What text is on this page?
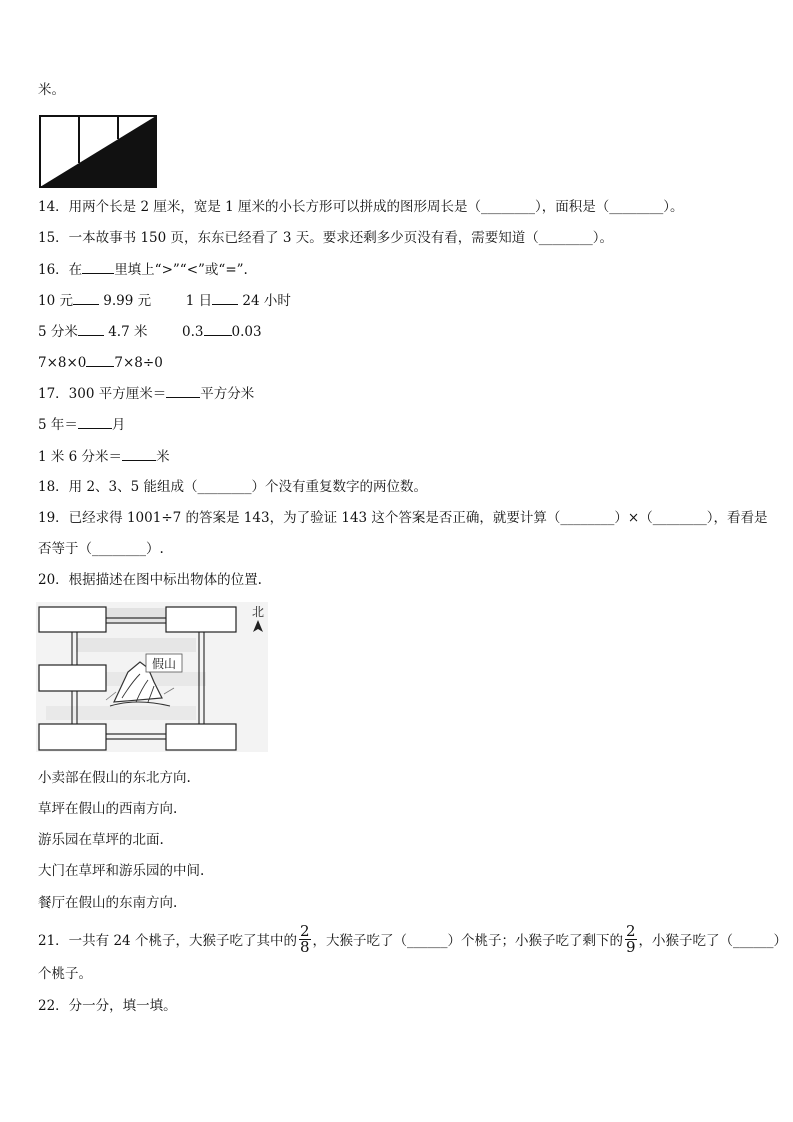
米。
14．用两个长是 2 厘米，宽是 1 厘米的小长方形可以拼成的图形周长是（________），面积是（________）。
15．一本故事书 150 页，东东已经看了 3 天。要求还剩多少页没有看，需要知道（________）。
16．在 里填上“>”“<”或“=”.
10 元 9.99 元	1 日 24 小时
5 分米 4.7 米	0.3 0.03
7×8×0 7×8÷0
17．300 平方厘米＝	平方分米
5 年＝	月
1 米 6 分米＝	米
18．用 2、3、5 能组成（________）个没有重复数字的两位数。
19．已经求得 1001÷7 的答案是 143，为了验证 143 这个答案是否正确，就要计算（________）×（________），看看是
否等于（________）.
20．根据描述在图中标出物体的位置.
假山
北
小卖部在假山的东北方向.
草坪在假山的西南方向.
游乐园在草坪的北面.
大门在草坪和游乐园的中间.
餐厅在假山的东南方向.
21．一共有 24 个桃子，大猴子吃了其中的 $\frac{2}{8}$ ，大猴子吃了（______）个桃子；小猴子吃了剩下的 $\frac{2}{9}$ ，小猴子吃了（______）
个桃子。
22．分一分，填一填。
